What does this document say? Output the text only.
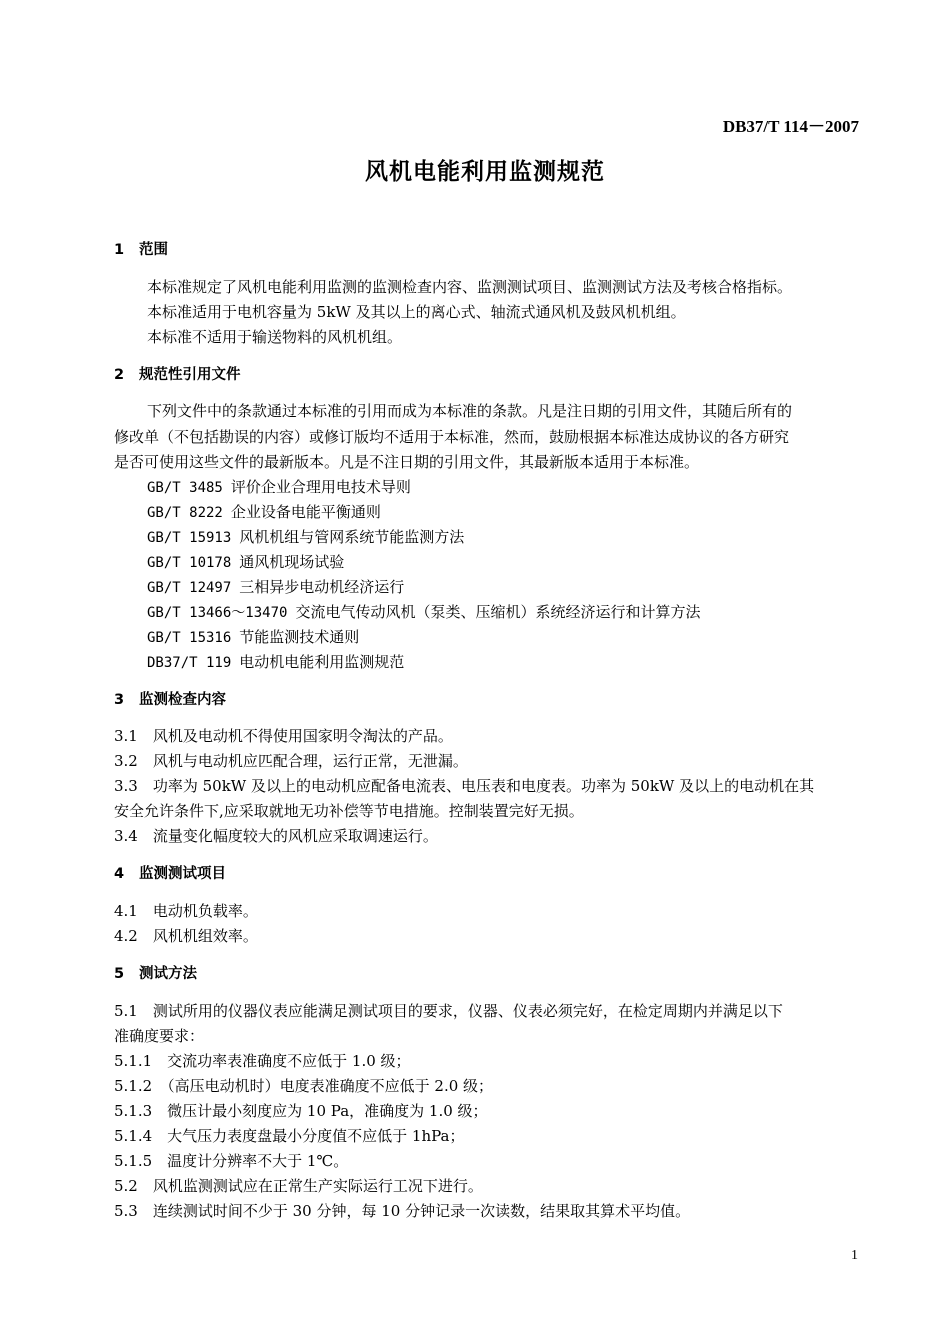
DB37/T 114－2007
风机电能利用监测规范
1 范围
本标准规定了风机电能利用监测的监测检查内容、监测测试项目、监测测试方法及考核合格指标。
本标准适用于电机容量为 5kW 及其以上的离心式、轴流式通风机及鼓风机机组。
本标准不适用于输送物料的风机机组。
2 规范性引用文件
下列文件中的条款通过本标准的引用而成为本标准的条款。凡是注日期的引用文件，其随后所有的
修改单（不包括勘误的内容）或修订版均不适用于本标准，然而，鼓励根据本标准达成协议的各方研究
是否可使用这些文件的最新版本。凡是不注日期的引用文件，其最新版本适用于本标准。
GB/T 3485 评价企业合理用电技术导则
GB/T 8222 企业设备电能平衡通则
GB/T 15913 风机机组与管网系统节能监测方法
GB/T 10178 通风机现场试验
GB/T 12497 三相异步电动机经济运行
GB/T 13466～13470 交流电气传动风机（泵类、压缩机）系统经济运行和计算方法
GB/T 15316 节能监测技术通则
DB37/T 119 电动机电能利用监测规范
3 监测检查内容
3.1　风机及电动机不得使用国家明令淘汰的产品。
3.2　风机与电动机应匹配合理，运行正常，无泄漏。
3.3　功率为 50kW 及以上的电动机应配备电流表、电压表和电度表。功率为 50kW 及以上的电动机在其
安全允许条件下,应采取就地无功补偿等节电措施。控制装置完好无损。
3.4　流量变化幅度较大的风机应采取调速运行。
4 监测测试项目
4.1　电动机负载率。
4.2　风机机组效率。
5 测试方法
5.1　测试所用的仪器仪表应能满足测试项目的要求，仪器、仪表必须完好，在检定周期内并满足以下
准确度要求：
5.1.1　交流功率表准确度不应低于 1.0 级；
5.1.2　（高压电动机时）电度表准确度不应低于 2.0 级；
5.1.3　微压计最小刻度应为 10 Pa，准确度为 1.0 级；
5.1.4　大气压力表度盘最小分度值不应低于 1hPa；
5.1.5　温度计分辨率不大于 1℃。
5.2　风机监测测试应在正常生产实际运行工况下进行。
5.3　连续测试时间不少于 30 分钟，每 10 分钟记录一次读数，结果取其算术平均值。
1
